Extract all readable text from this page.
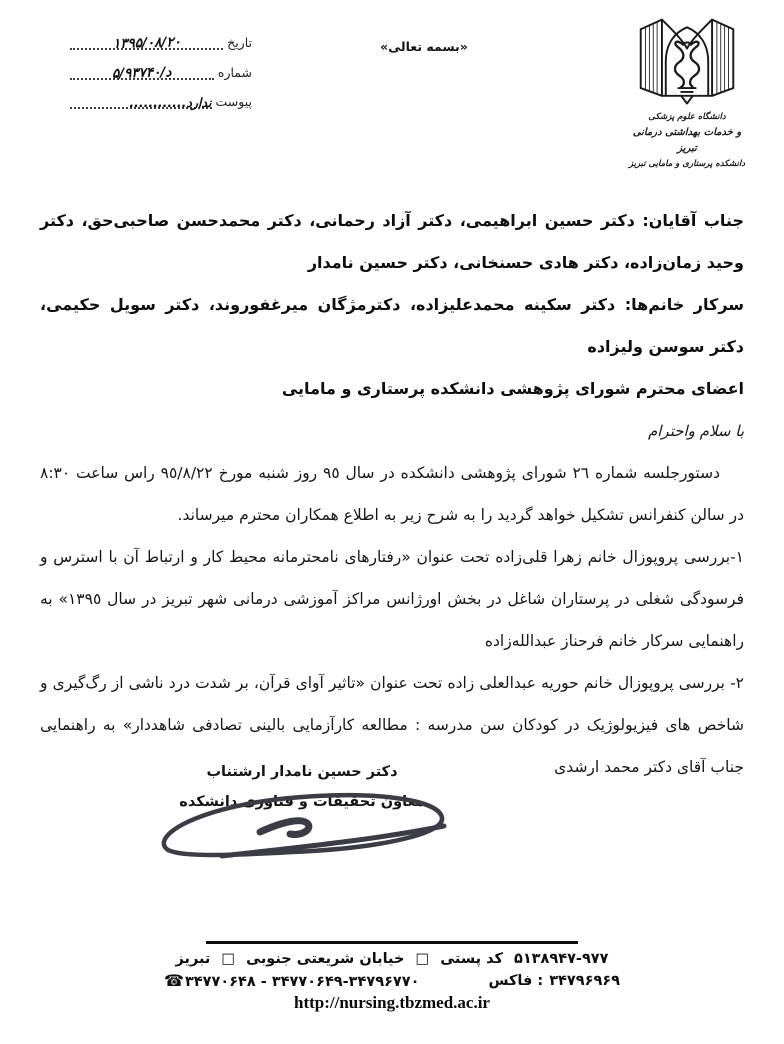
تاریخ
۱۳۹۵/۰۸/۲۰
شماره
۵/د/۹۳۷۴۰
پیوست
ندارد............
«بسمه تعالی»
دانشگاه علوم پزشکی
و خدمات بهداشتی درمانی تبریز
دانشکده پرستاری و مامایی تبریز

جناب آقایان: دکتر حسین ابراهیمی، دکتر آزاد رحمانی، دکتر محمدحسن صاحبی‌حق، دکتر وحید زمان‌زاده، دکتر هادی حسنخانی، دکتر حسین نامدار

سرکار خانم‌ها: دکتر سکینه محمدعلیزاده، دکترمژگان میرغفوروند، دکتر سویل حکیمی، دکتر سوسن ولیزاده

اعضای محترم شورای پژوهشی دانشکده پرستاری و مامایی

با سلام واحترام

دستورجلسه شماره ٢٦ شورای پژوهشی دانشکده در سال ٩٥ روز شنبه مورخ ٩٥/٨/٢٢ راس ساعت ٨:٣٠ در سالن کنفرانس تشکیل خواهد گردید را به شرح زیر به اطلاع همکاران محترم میرساند.

١-بررسی پروپوزال خانم زهرا قلی‌زاده تحت عنوان «رفتارهای نامحترمانه محیط کار و ارتباط آن با استرس و فرسودگی شغلی در پرستاران شاغل در بخش اورژانس مراکز آموزشی درمانی شهر تبریز در سال ١٣٩٥» به راهنمایی سرکار خانم فرحناز عبدالله‌زاده

٢- بررسی پروپوزال خانم حوریه عبدالعلی زاده تحت عنوان «تاثیر آوای قرآن، بر شدت درد ناشی از رگ‌گیری و شاخص های فیزیولوژیک در کودکان سن مدرسه : مطالعه کارآزمایی بالینی تصادفی شاهددار» به راهنمایی جناب آقای دکتر محمد ارشدی

دکتر حسین نامدار ارشتناب
معاون تحقیقات و فناوری دانشکده
تبریز □ خیابان شریعتی جنوبی □ کد پستی ۵۱۳۸۹۴۷-۹۷۷
☎۳۴۷۷۰۶۴۸ - ۳۴۷۷۰۶۴۹-۳۴۷۹۶۷۷۰	فاکس : ۳۴۷۹۶۹۶۹
http://nursing.tbzmed.ac.ir
